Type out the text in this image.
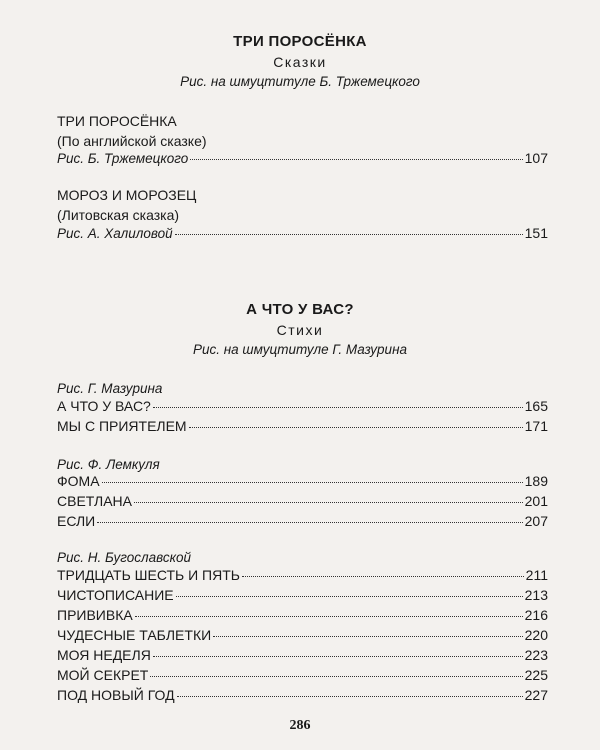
ТРИ ПОРОСЁНКА
Сказки
Рис. на шмуцтитуле Б. Тржемецкого
ТРИ ПОРОСЁНКА
(По английской сказке)
Рис. Б. Тржемецкого	107
МОРОЗ И МОРОЗЕЦ
(Литовская сказка)
Рис. А. Халиловой	151
А ЧТО У ВАС?
Стихи
Рис. на шмуцтитуле Г. Мазурина
Рис. Г. Мазурина
А ЧТО У ВАС?	165
МЫ С ПРИЯТЕЛЕМ	171
Рис. Ф. Лемкуля
ФОМА	189
СВЕТЛАНА	201
ЕСЛИ	207
Рис. Н. Бугославской
ТРИДЦАТЬ ШЕСТЬ И ПЯТЬ	211
ЧИСТОПИСАНИЕ	213
ПРИВИВКА	216
ЧУДЕСНЫЕ ТАБЛЕТКИ	220
МОЯ НЕДЕЛЯ	223
МОЙ СЕКРЕТ	225
ПОД НОВЫЙ ГОД	227
286
